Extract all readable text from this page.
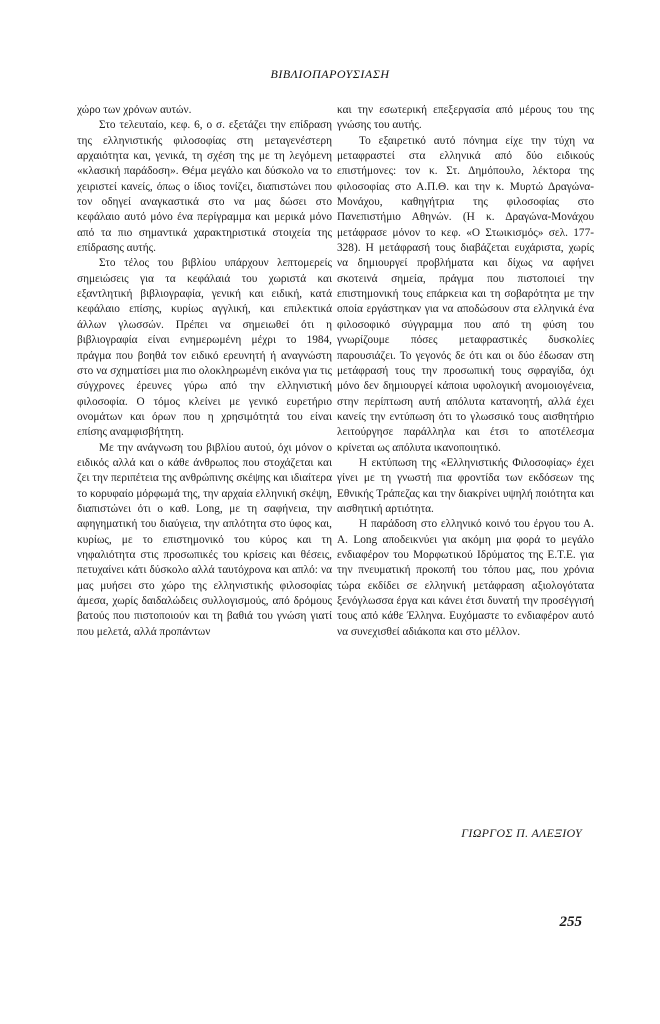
ΒΙΒΛΙΟΠΑΡΟΥΣΙΑΣΗ

χώρο των χρόνων αυτών.

Στο τελευταίο, κεφ. 6, ο σ. εξετάζει την επίδραση της ελληνιστικής φιλοσοφίας στη μεταγενέστερη αρχαιότητα και, γενικά, τη σχέση της με τη λεγόμενη «κλασική παράδοση». Θέμα μεγάλο και δύσκολο να το χειριστεί κανείς, όπως ο ίδιος τονίζει, διαπιστώνει που τον οδηγεί αναγκαστικά στο να μας δώσει στο κεφάλαιο αυτό μόνο ένα περίγραμμα και μερικά μόνο από τα πιο σημαντικά χαρακτηριστικά στοιχεία της επίδρασης αυτής.

Στο τέλος του βιβλίου υπάρχουν λεπτομερείς σημειώσεις για τα κεφάλαιά του χωριστά και εξαντλητική βιβλιογραφία, γενική και ειδική, κατά κεφάλαιο επίσης, κυρίως αγγλική, και επιλεκτικά άλλων γλωσσών. Πρέπει να σημειωθεί ότι η βιβλιογραφία είναι ενημερωμένη μέχρι το 1984, πράγμα που βοηθά τον ειδικό ερευνητή ή αναγνώστη στο να σχηματίσει μια πιο ολοκληρωμένη εικόνα για τις σύγχρονες έρευνες γύρω από την ελληνιστική φιλοσοφία. Ο τόμος κλείνει με γενικό ευρετήριο ονομάτων και όρων που η χρησιμότητά του είναι επίσης αναμφισβήτητη.

Με την ανάγνωση του βιβλίου αυτού, όχι μόνον ο ειδικός αλλά και ο κάθε άνθρωπος που στοχάζεται και ζει την περιπέτεια της ανθρώπινης σκέψης και ιδιαίτερα το κορυφαίο μόρφωμά της, την αρχαία ελληνική σκέψη, διαπιστώνει ότι ο καθ. Long, με τη σαφήνεια, την αφηγηματική του διαύγεια, την απλότητα στο ύφος και, κυρίως, με το επιστημονικό του κύρος και τη νηφαλιότητα στις προσωπικές του κρίσεις και θέσεις, πετυχαίνει κάτι δύσκολο αλλά ταυτόχρονα και απλό: να μας μυήσει στο χώρο της ελληνιστικής φιλοσοφίας άμεσα, χωρίς δαιδαλώδεις συλλογισμούς, από δρόμους βατούς που πιστοποιούν και τη βαθιά του γνώση γιατί που μελετά, αλλά προπάντων

και την εσωτερική επεξεργασία από μέρους του της γνώσης του αυτής.

Το εξαιρετικό αυτό πόνημα είχε την τύχη να μεταφραστεί στα ελληνικά από δύο ειδικούς επιστήμονες: τον κ. Στ. Δημόπουλο, λέκτορα της φιλοσοφίας στο Α.Π.Θ. και την κ. Μυρτώ Δραγώνα-Μονάχου, καθηγήτρια της φιλοσοφίας στο Πανεπιστήμιο Αθηνών. (Η κ. Δραγώνα-Μονάχου μετάφρασε μόνον το κεφ. «Ο Στωικισμός» σελ. 177-328). Η μετάφρασή τους διαβάζεται ευχάριστα, χωρίς να δημιουργεί προβλήματα και δίχως να αφήνει σκοτεινά σημεία, πράγμα που πιστοποιεί την επιστημονική τους επάρκεια και τη σοβαρότητα με την οποία εργάστηκαν για να αποδώσουν στα ελληνικά ένα φιλοσοφικό σύγγραμμα που από τη φύση του γνωρίζουμε πόσες μεταφραστικές δυσκολίες παρουσιάζει. Το γεγονός δε ότι και οι δύο έδωσαν στη μετάφρασή τους την προσωπική τους σφραγίδα, όχι μόνο δεν δημιουργεί κάποια υφολογική ανομοιογένεια, στην περίπτωση αυτή απόλυτα κατανοητή, αλλά έχει κανείς την εντύπωση ότι το γλωσσικό τους αισθητήριο λειτούργησε παράλληλα και έτσι το αποτέλεσμα κρίνεται ως απόλυτα ικανοποιητικό.

Η εκτύπωση της «Ελληνιστικής Φιλοσοφίας» έχει γίνει με τη γνωστή πια φροντίδα των εκδόσεων της Εθνικής Τράπεζας και την διακρίνει υψηλή ποιότητα και αισθητική αρτιότητα.

Η παράδοση στο ελληνικό κοινό του έργου του Α. Α. Long αποδεικνύει για ακόμη μια φορά το μεγάλο ενδιαφέρον του Μορφωτικού Ιδρύματος της Ε.Τ.Ε. για την πνευματική προκοπή του τόπου μας, που χρόνια τώρα εκδίδει σε ελληνική μετάφραση αξιολογότατα ξενόγλωσσα έργα και κάνει έτσι δυνατή την προσέγγισή τους από κάθε Έλληνα. Ευχόμαστε το ενδιαφέρον αυτό να συνεχισθεί αδιάκοπα και στο μέλλον.

ΓΙΩΡΓΟΣ Π. ΑΛΕΞΙΟΥ
255
